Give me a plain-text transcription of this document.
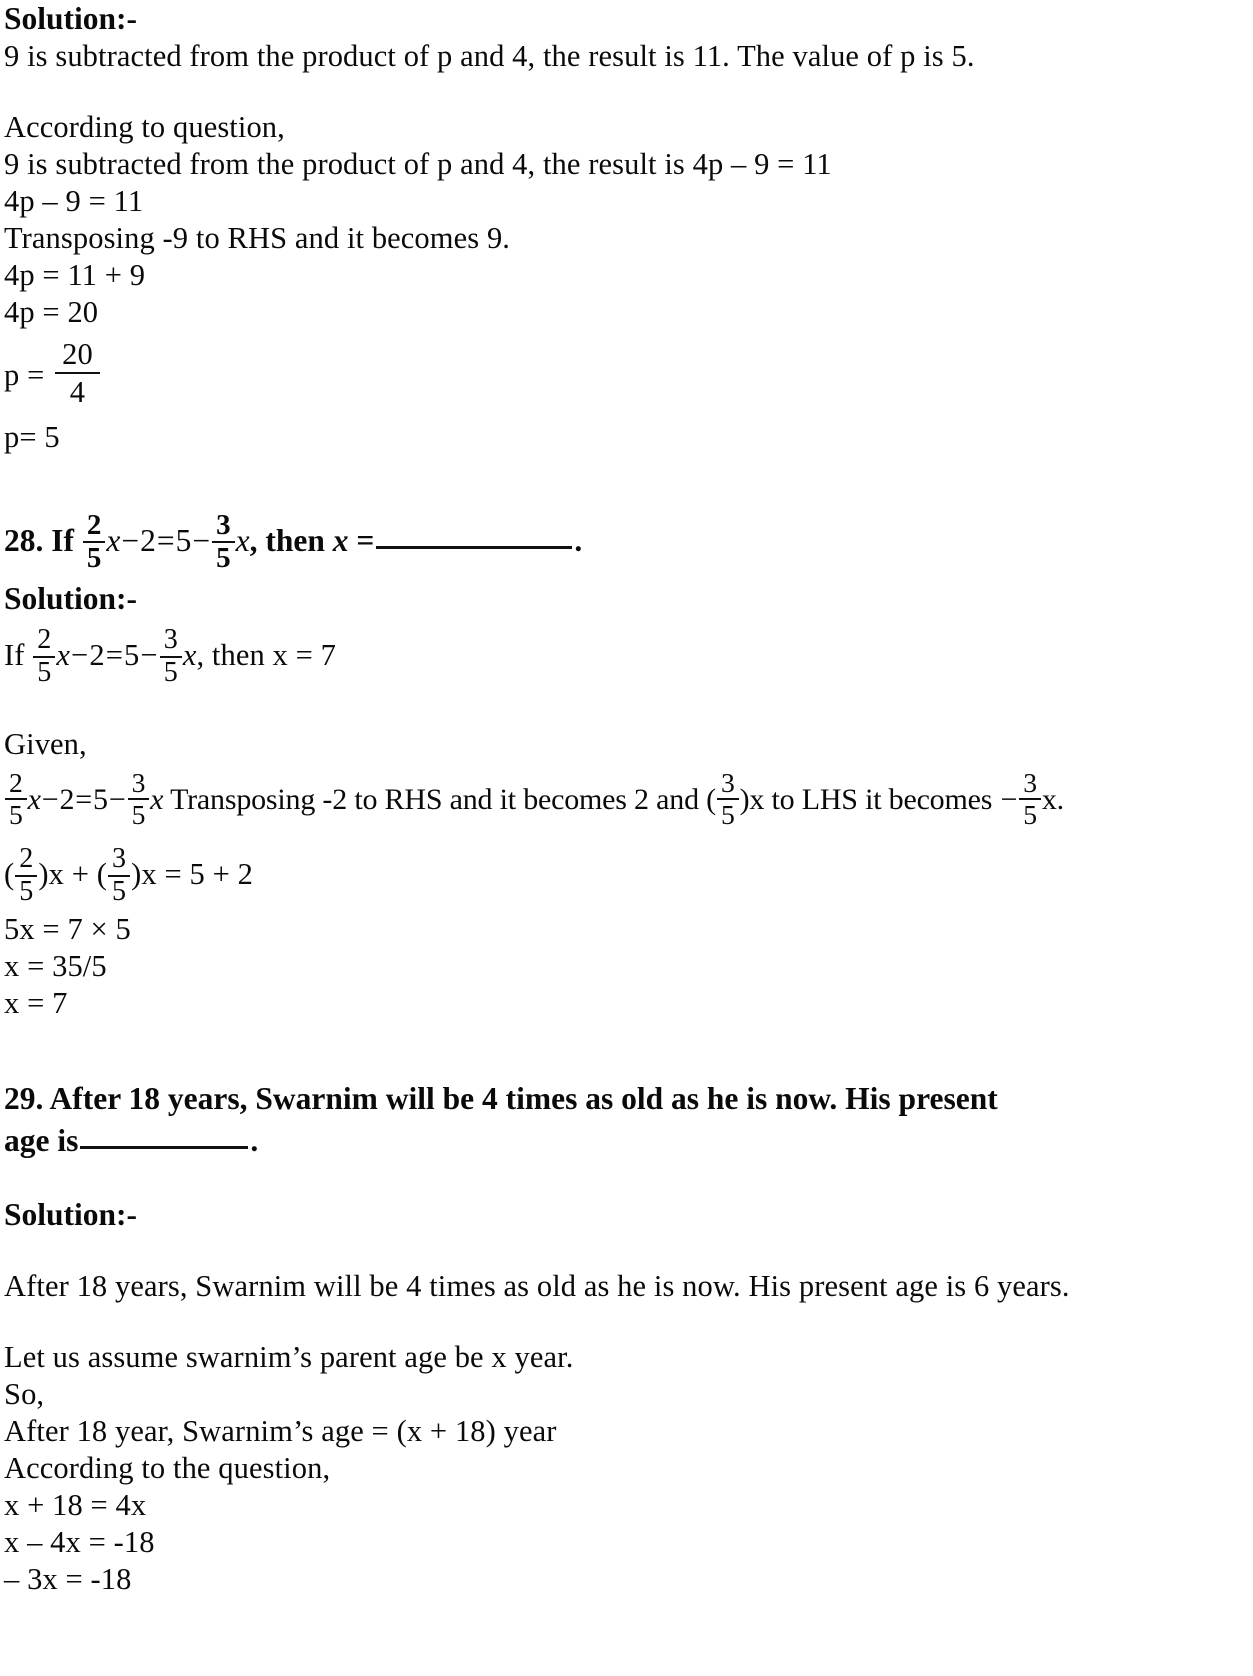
Solution:-
9 is subtracted from the product of p and 4, the result is 11. The value of p is 5.
According to question,
9 is subtracted from the product of p and 4, the result is 4p – 9 = 11
4p – 9 = 11
Transposing -9 to RHS and it becomes 9.
4p = 11 + 9
4p = 20
$p = \frac{20}{4}$
p= 5
28. If $\frac{2}{5} x-2=5- \frac{3}{5} x$, then x =	.
Solution:-
If $\frac{2}{5} x-2=5- \frac{3}{5} x$, then x = 7
Given,
$\frac{2}{5} x-2=5- \frac{3}{5}$ x Transposing -2 to RHS and it becomes 2 and ( $\frac{3}{5} )x$ to LHS it becomes − $\frac{3}{5} x$.
( $\frac{2}{5} )x$ + ( $\frac{3}{5} )x = 5 + 2$
5x = 7 × 5
x = 35/5
x = 7
29. After 18 years, Swarnim will be 4 times as old as he is now. His present
age is	.
Solution:-
After 18 years, Swarnim will be 4 times as old as he is now. His present age is 6 years.
Let us assume swarnim’s parent age be x year.
So,
After 18 year, Swarnim’s age = (x + 18) year
According to the question,
x + 18 = 4x
x – 4x = -18
– 3x = -18
